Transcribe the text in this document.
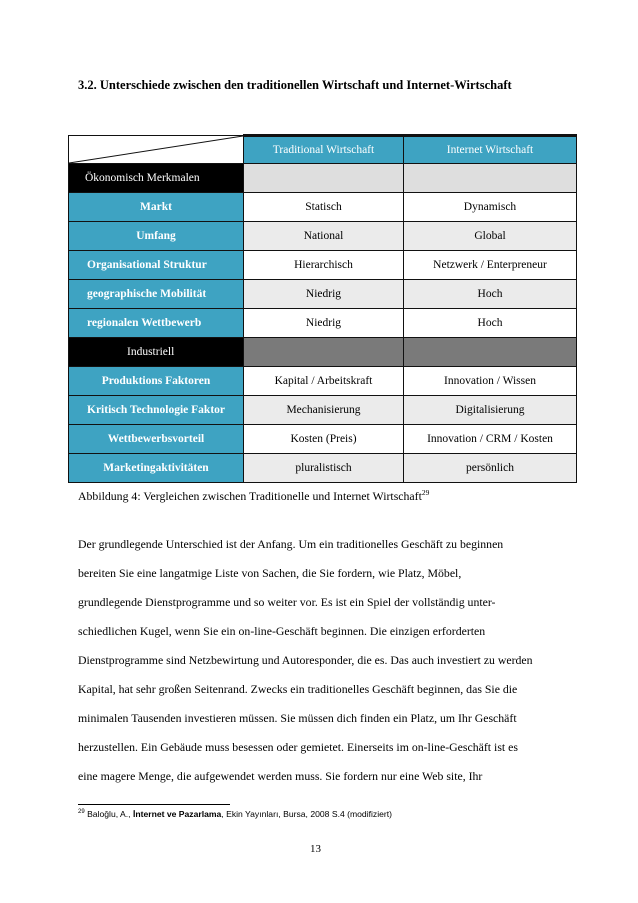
3.2. Unterschiede zwischen den traditionellen Wirtschaft und Internet-Wirtschaft
	Traditional Wirtschaft	Internet Wirtschaft
Ökonomisch Merkmalen		
Markt	Statisch	Dynamisch
Umfang	National	Global
Organisational Struktur	Hierarchisch	Netzwerk / Enterpreneur
geographische Mobilität	Niedrig	Hoch
regionalen Wettbewerb	Niedrig	Hoch
Industriell		
Produktions Faktoren	Kapital / Arbeitskraft	Innovation / Wissen
Kritisch Technologie Faktor	Mechanisierung	Digitalisierung
Wettbewerbsvorteil	Kosten (Preis)	Innovation / CRM / Kosten
Marketingaktivitäten	pluralistisch	persönlich
Abbildung 4: Vergleichen zwischen Traditionelle und Internet Wirtschaft$^{29}$
Der grundlegende Unterschied ist der Anfang. Um ein traditionelles Geschäft zu beginnen
bereiten Sie eine langatmige Liste von Sachen, die Sie fordern, wie Platz, Möbel,
grundlegende Dienstprogramme und so weiter vor. Es ist ein Spiel der vollständig unter-
schiedlichen Kugel, wenn Sie ein on-line-Geschäft beginnen. Die einzigen erforderten
Dienstprogramme sind Netzbewirtung und Autoresponder, die es. Das auch investiert zu werden
Kapital, hat sehr großen Seitenrand. Zwecks ein traditionelles Geschäft beginnen, das Sie die
minimalen Tausenden investieren müssen. Sie müssen dich finden ein Platz, um Ihr Geschäft
herzustellen. Ein Gebäude muss besessen oder gemietet. Einerseits im on-line-Geschäft ist es
eine magere Menge, die aufgewendet werden muss. Sie fordern nur eine Web site, Ihr
$^{29}$ Baloğlu, A., İnternet ve Pazarlama, Ekin Yayınları, Bursa, 2008 S.4 (modifiziert)
13
